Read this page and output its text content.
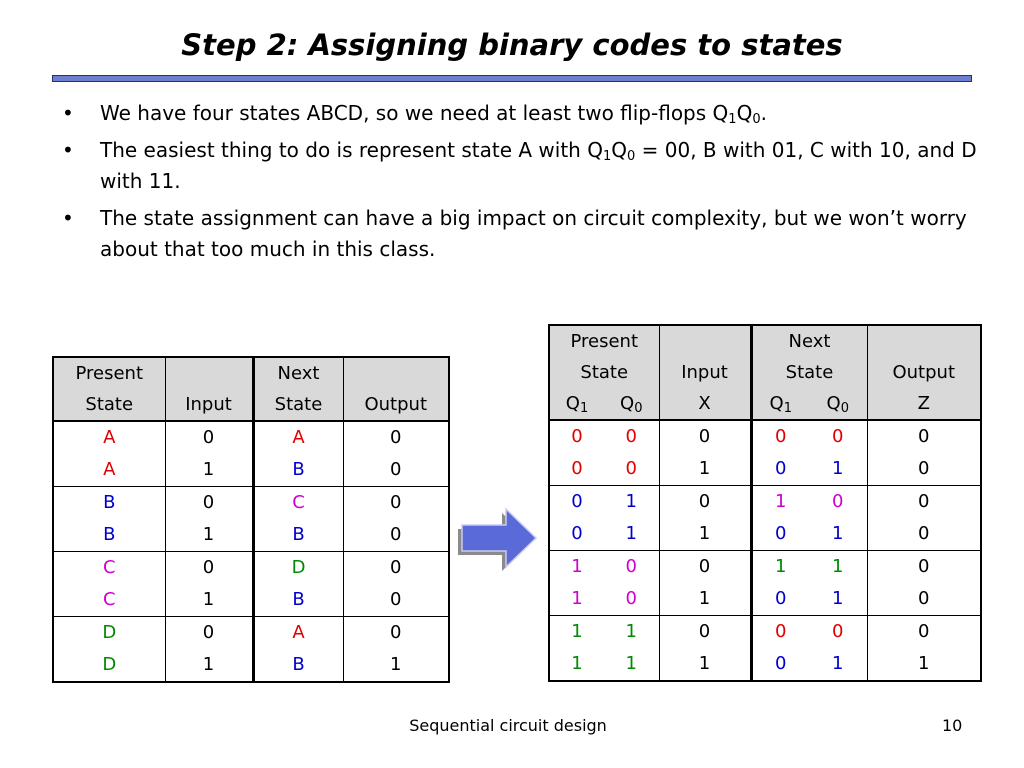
Step 2: Assigning binary codes to states
• We have four states ABCD, so we need at least two flip-flops $Q_1Q_0$.
• The easiest thing to do is represent state A with $Q_1Q_0 = 00$, B with 01, C with 10, and D with 11.
• The state assignment can have a big impact on circuit complexity, but we won’t worry about that too much in this class.
Present		Next	
State	Input	State	Output
A	0	A	0
A	1	B	0
B	0	C	0
B	1	B	0
C	0	D	0
C	1	B	0
D	0	A	0
D	1	B	1
Present			Next		
State		Input	State		Output
$Q_1$	$Q_0$	X	$Q_1$	$Q_0$	Z
0	0	0	0	0	0
0	0	1	0	1	0
0	1	0	1	0	0
0	1	1	0	1	0
1	0	0	1	1	0
1	0	1	0	1	0
1	1	0	0	0	0
1	1	1	0	1	1
Sequential circuit design	10
